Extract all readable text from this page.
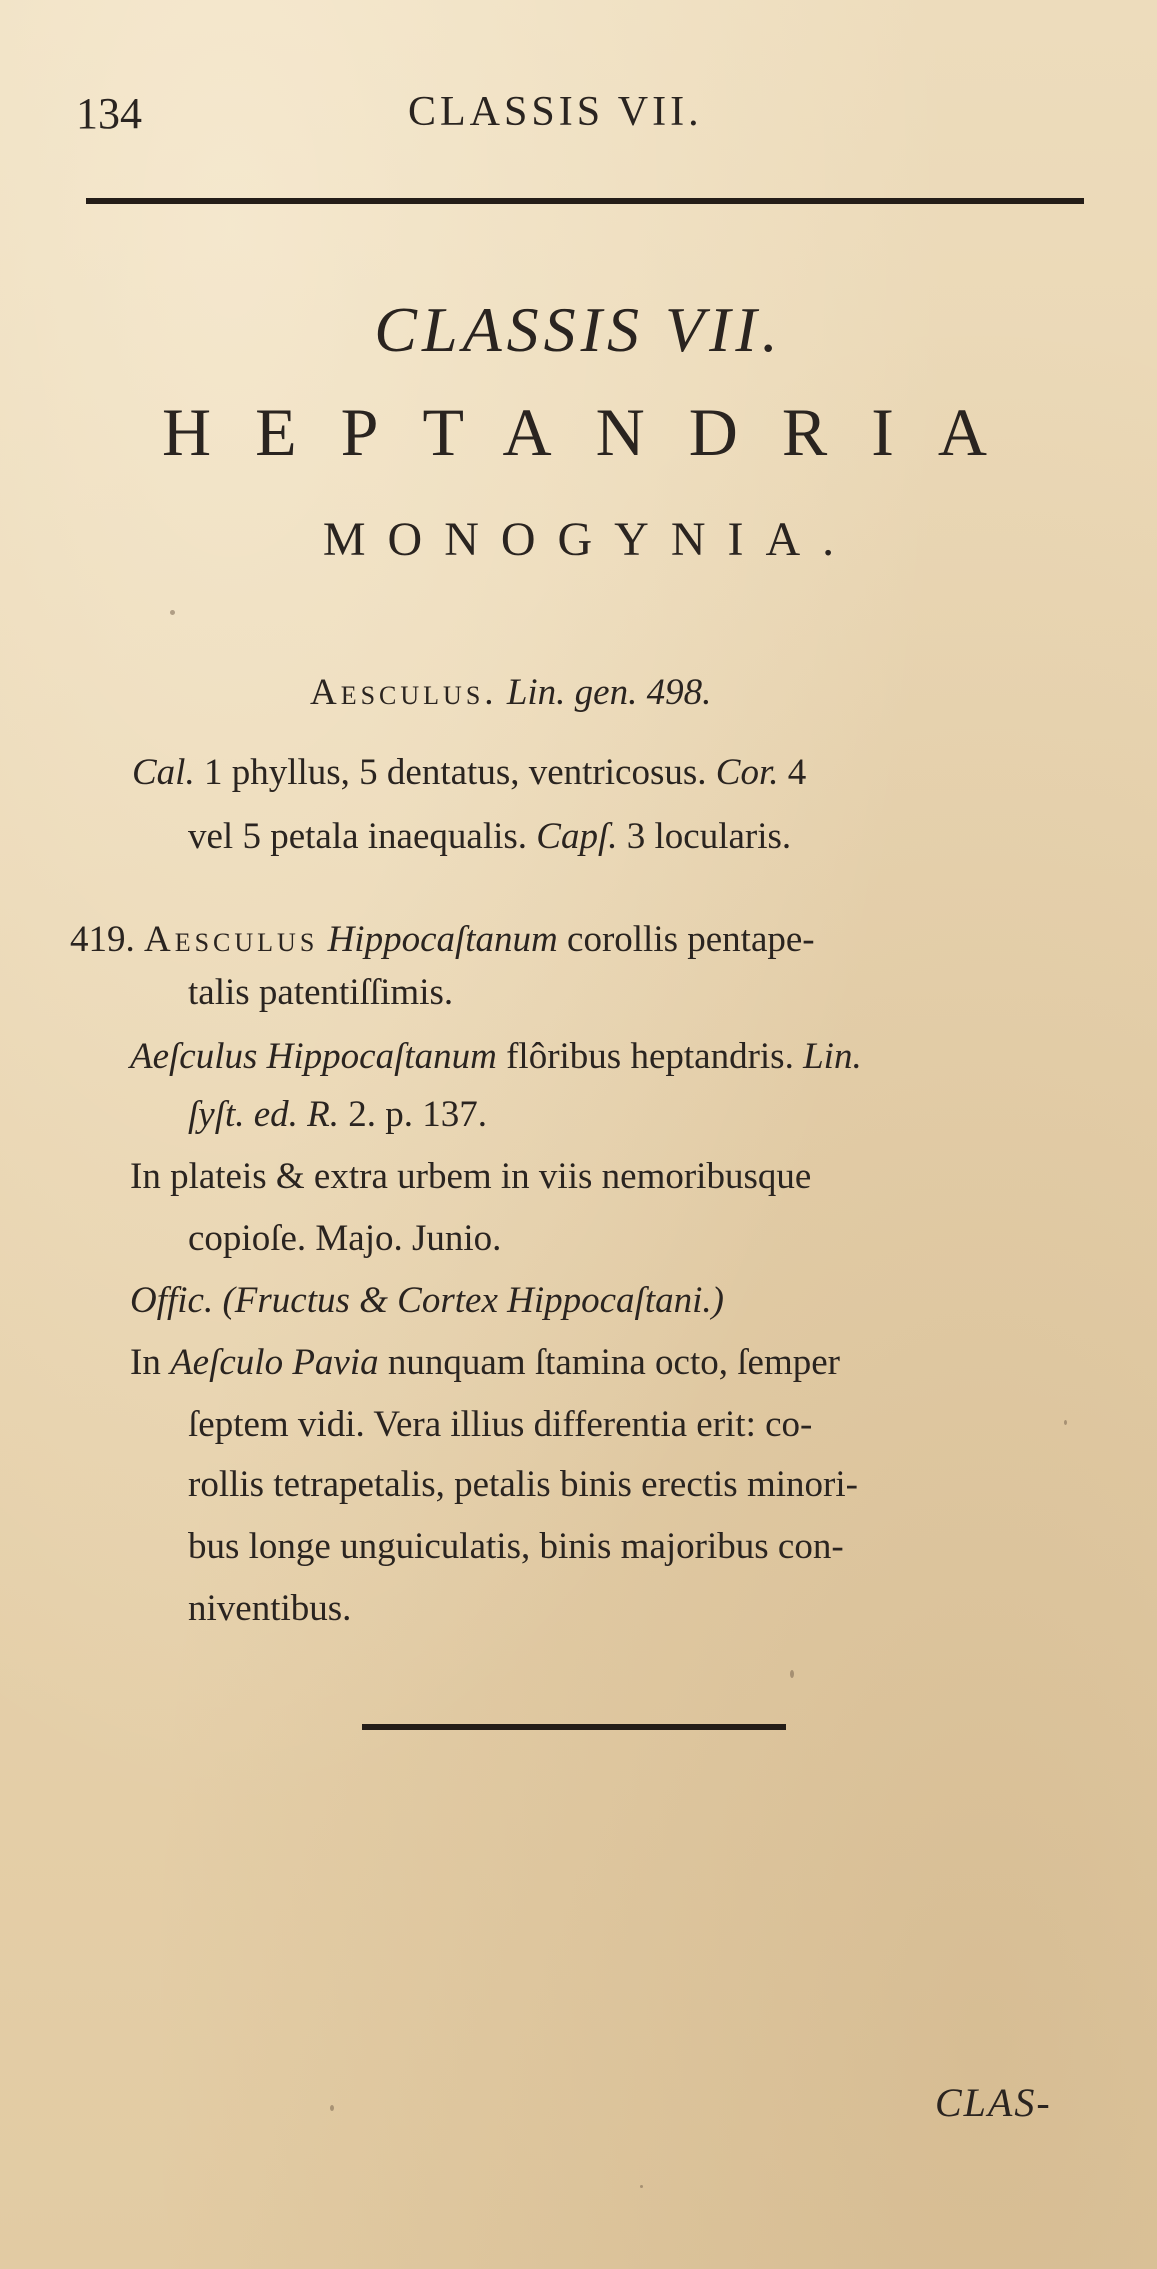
134	CLASSIS VII.
CLASSIS VII.
HEPTANDRIA
MONOGYNIA.
Aesculus. Lin. gen. 498.
Cal. 1 phyllus, 5 dentatus, ventricosus. Cor. 4
vel 5 petala inaequalis. Capſ. 3 locularis.
419. Aesculus Hippocaſtanum corollis pentape-
talis patentiſſimis.
Aeſculus Hippocaſtanum flôribus heptandris. Lin.
ſyſt. ed. R. 2. p. 137.
In plateis & extra urbem in viis nemoribusque
copioſe. Majo. Junio.
Offic. (Fructus & Cortex Hippocaſtani.)
In Aeſculo Pavia nunquam ſtamina octo, ſemper
ſeptem vidi. Vera illius differentia erit: co-
rollis tetrapetalis, petalis binis erectis minori-
bus longe unguiculatis, binis majoribus con-
niventibus.
CLAS-
